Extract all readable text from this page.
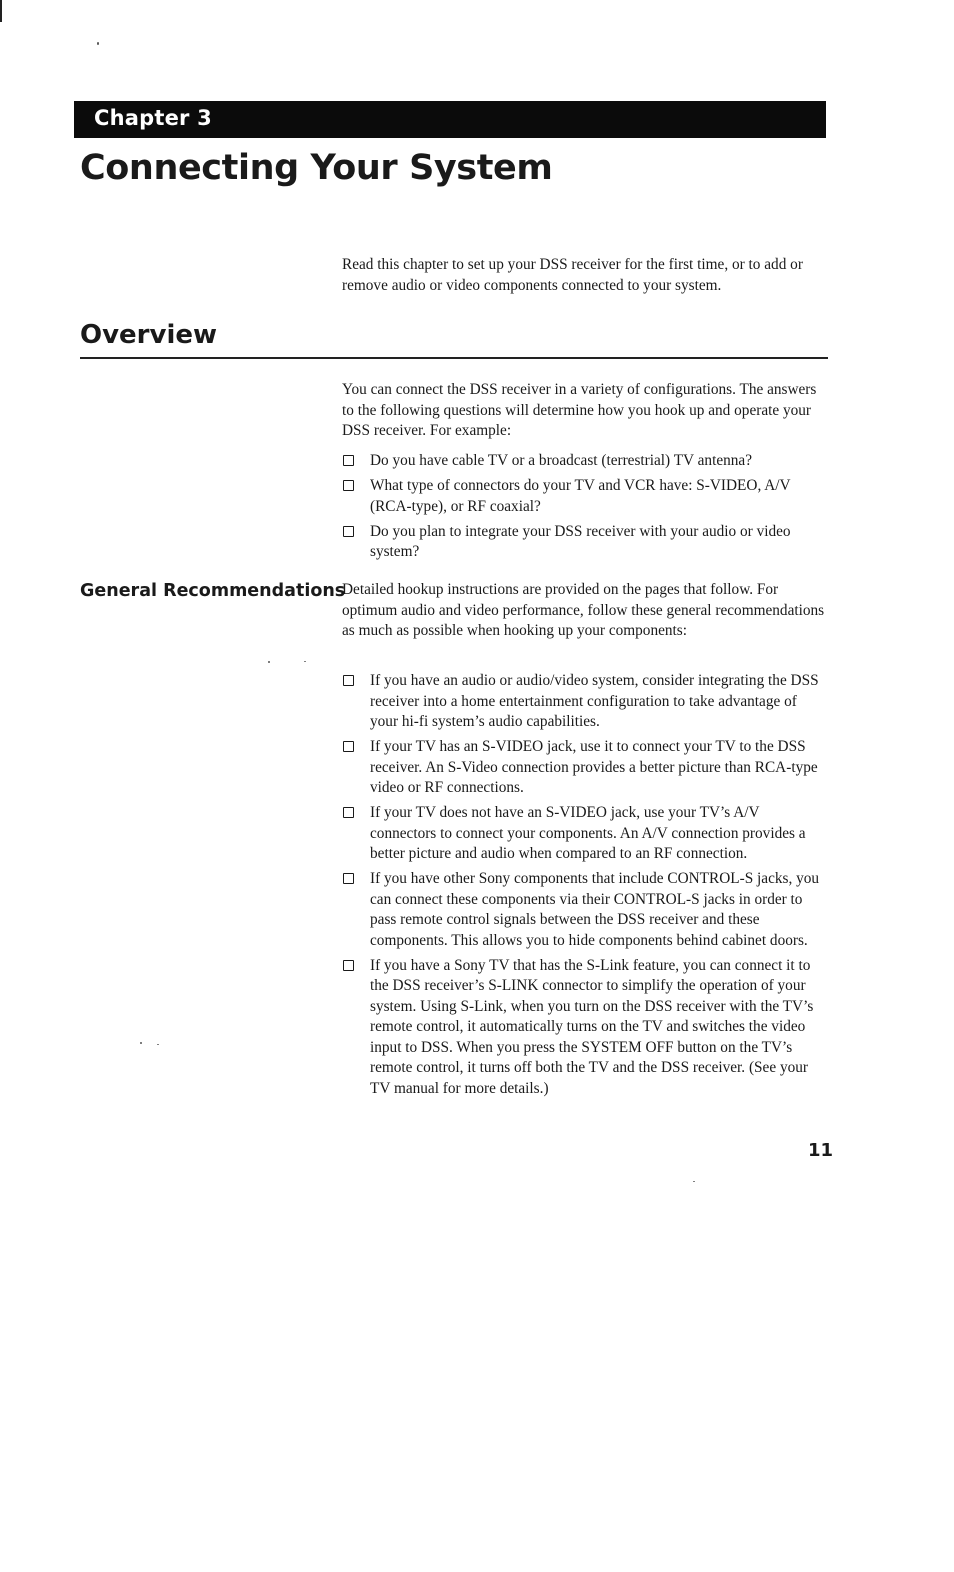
Chapter 3
Connecting Your System

Read this chapter to set up your DSS receiver for the first time, or to add or remove audio or video components connected to your system.

Overview

You can connect the DSS receiver in a variety of configurations. The answers to the following questions will determine how you hook up and operate your DSS receiver. For example:

Do you have cable TV or a broadcast (terrestrial) TV antenna?
What type of connectors do your TV and VCR have: S-VIDEO, A/V (RCA-type), or RF coaxial?
Do you plan to integrate your DSS receiver with your audio or video system?
General Recommendations

Detailed hookup instructions are provided on the pages that follow. For optimum audio and video performance, follow these general recommendations as much as possible when hooking up your components:

If you have an audio or audio/video system, consider integrating the DSS receiver into a home entertainment configuration to take advantage of your hi-fi system’s audio capabilities.
If your TV has an S-VIDEO jack, use it to connect your TV to the DSS receiver. An S-Video connection provides a better picture than RCA-type video or RF connections.
If your TV does not have an S-VIDEO jack, use your TV’s A/V connectors to connect your components. An A/V connection provides a better picture and audio when compared to an RF connection.
If you have other Sony components that include CONTROL-S jacks, you can connect these components via their CONTROL-S jacks in order to pass remote control signals between the DSS receiver and these components. This allows you to hide components behind cabinet doors.
If you have a Sony TV that has the S-Link feature, you can connect it to the DSS receiver’s S-LINK connector to simplify the operation of your system. Using S-Link, when you turn on the DSS receiver with the TV’s remote control, it automatically turns on the TV and switches the video input to DSS. When you press the SYSTEM OFF button on the TV’s remote control, it turns off both the TV and the DSS receiver. (See your TV manual for more details.)
11
